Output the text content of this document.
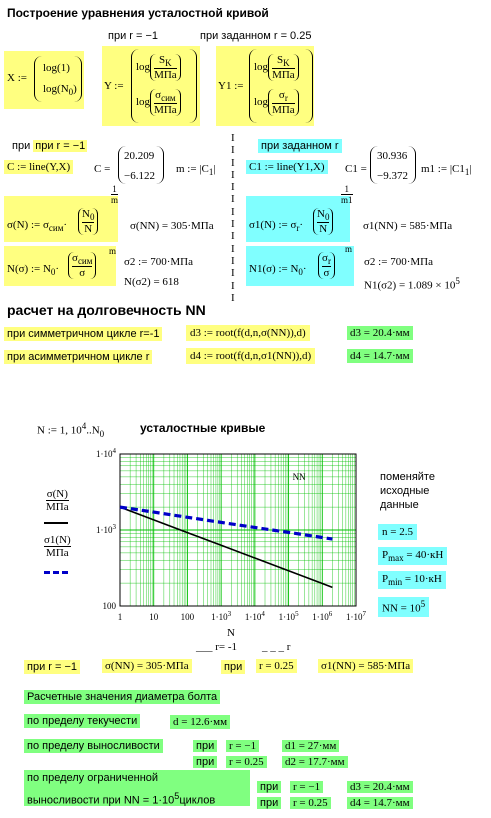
Построение уравнения усталостной кривой
при r = −1	при заданном r = 0.25
X :=
log(1)
$\log(N_0)$ Y :=
log
$S_K$
МПа
log
$\sigma_{сим}$
МПа
Y1 :=
log
$S_K$
МПа
log
$\sigma_r$
МПа
I
I
I
I
I
I
I
I
I
I
I
I
I
I
при при r = −1
C := line(Y,X) C =
20.209
−6.122
m := $|C_1|$
при заданном r
C1 := line(Y1,X) C1 =
30.936
−9.372
m1 := $|C1_1|$
σ(N) := $\sigma_{сим}\cdot$
$N_0$
N
1
m
σ(NN) = 305·МПа	σ1(N) := $\sigma_r\cdot$
$N_0$
N
1
m1
σ1(NN) = 585·МПа
N(σ) := $N_0\cdot$
$\sigma_{сим}$
σ
m
σ2 := 700·МПа
N(σ2) = 618
N1(σ) := $N_0\cdot$
$\sigma_r$
σ
m
σ2 := 700·МПа
$N1(\sigma 2) = 1.089 \times 10^5$
расчет на долговечность NN
при симметричном цикле r=-1	d3 := root(f(d,n,σ(NN)),d)	d3 = 20.4·мм
при асимметричном цикле r	d4 := root(f(d,n,σ1(NN)),d)	d4 = 14.7·мм
N := 1, $10^4..N_0$	усталостные кривые
σ(N)
МПа
σ1(N)
МПа
1	10 100 $1\cdot 10^3$ $1\cdot 10^4$ $1\cdot 10^5$ $1\cdot 10^6$ $1\cdot 10^7$
100
$1\cdot 10^3$
$1\cdot 10^4$
NN
N
___ r= -1 _ _ _ r
поменяйте
исходные
данные
n = 2.5
$P_{max} = 40\cdot кН$
$P_{min} = 10\cdot кН$
NN = $10^5$
при r = −1	σ(NN) = 305·МПа	при r = 0.25 σ1(NN) = 585·МПа
Расчетные значения диаметра болта
по пределу текучести	d = 12.6·мм
по пределу выносливости	при r = −1	d1 = 27·мм
при r = 0.25 d2 = 17.7·мм
по пределу ограниченной
выносливости при NN = $1\cdot 10^5циклов$
при r = −1	d3 = 20.4·мм
при r = 0.25 d4 = 14.7·мм
